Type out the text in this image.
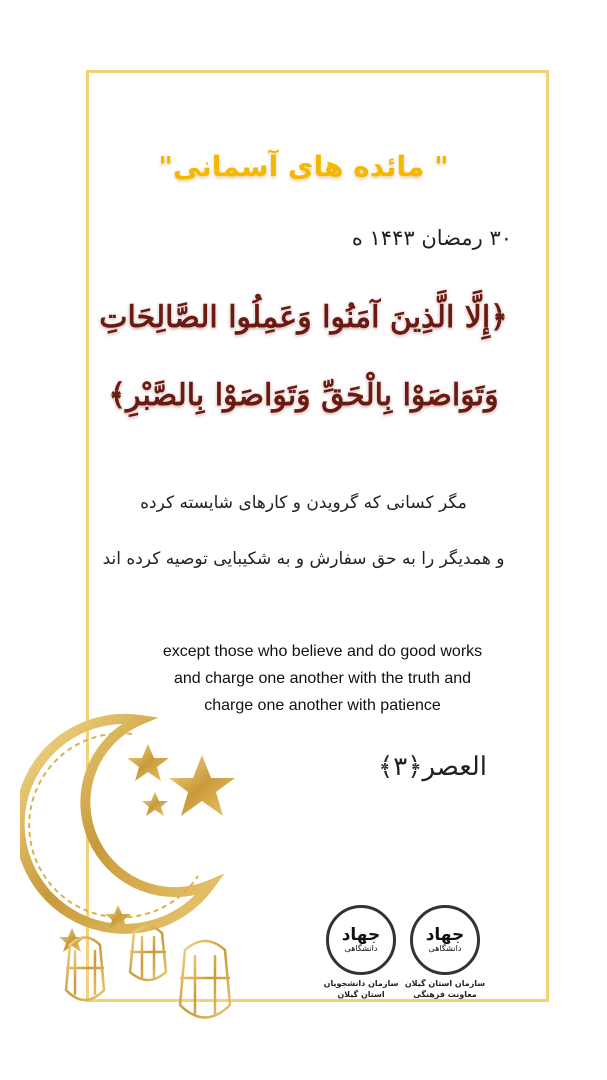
" مائده های آسمانی"
۳۰ رمضان ۱۴۴۳ ه
﴿إِلَّا الَّذِينَ آمَنُوا وَعَمِلُوا الصَّالِحَاتِ
وَتَوَاصَوْا بِالْحَقِّ وَتَوَاصَوْا بِالصَّبْرِ﴾
مگر کسانی که گرویدن و کارهای شایسته کرده
و همدیگر را به حق سفارش و به شکیبایی توصیه کرده اند
except those who believe and do good works
and charge one another with the truth and
charge one another with patience
العصر﴿۳﴾
جهاد
دانشگاهی
سازمان استان گیلان
معاونت فرهنگی
جهاد
دانشگاهی
سازمان دانشجویان
استان گیلان
